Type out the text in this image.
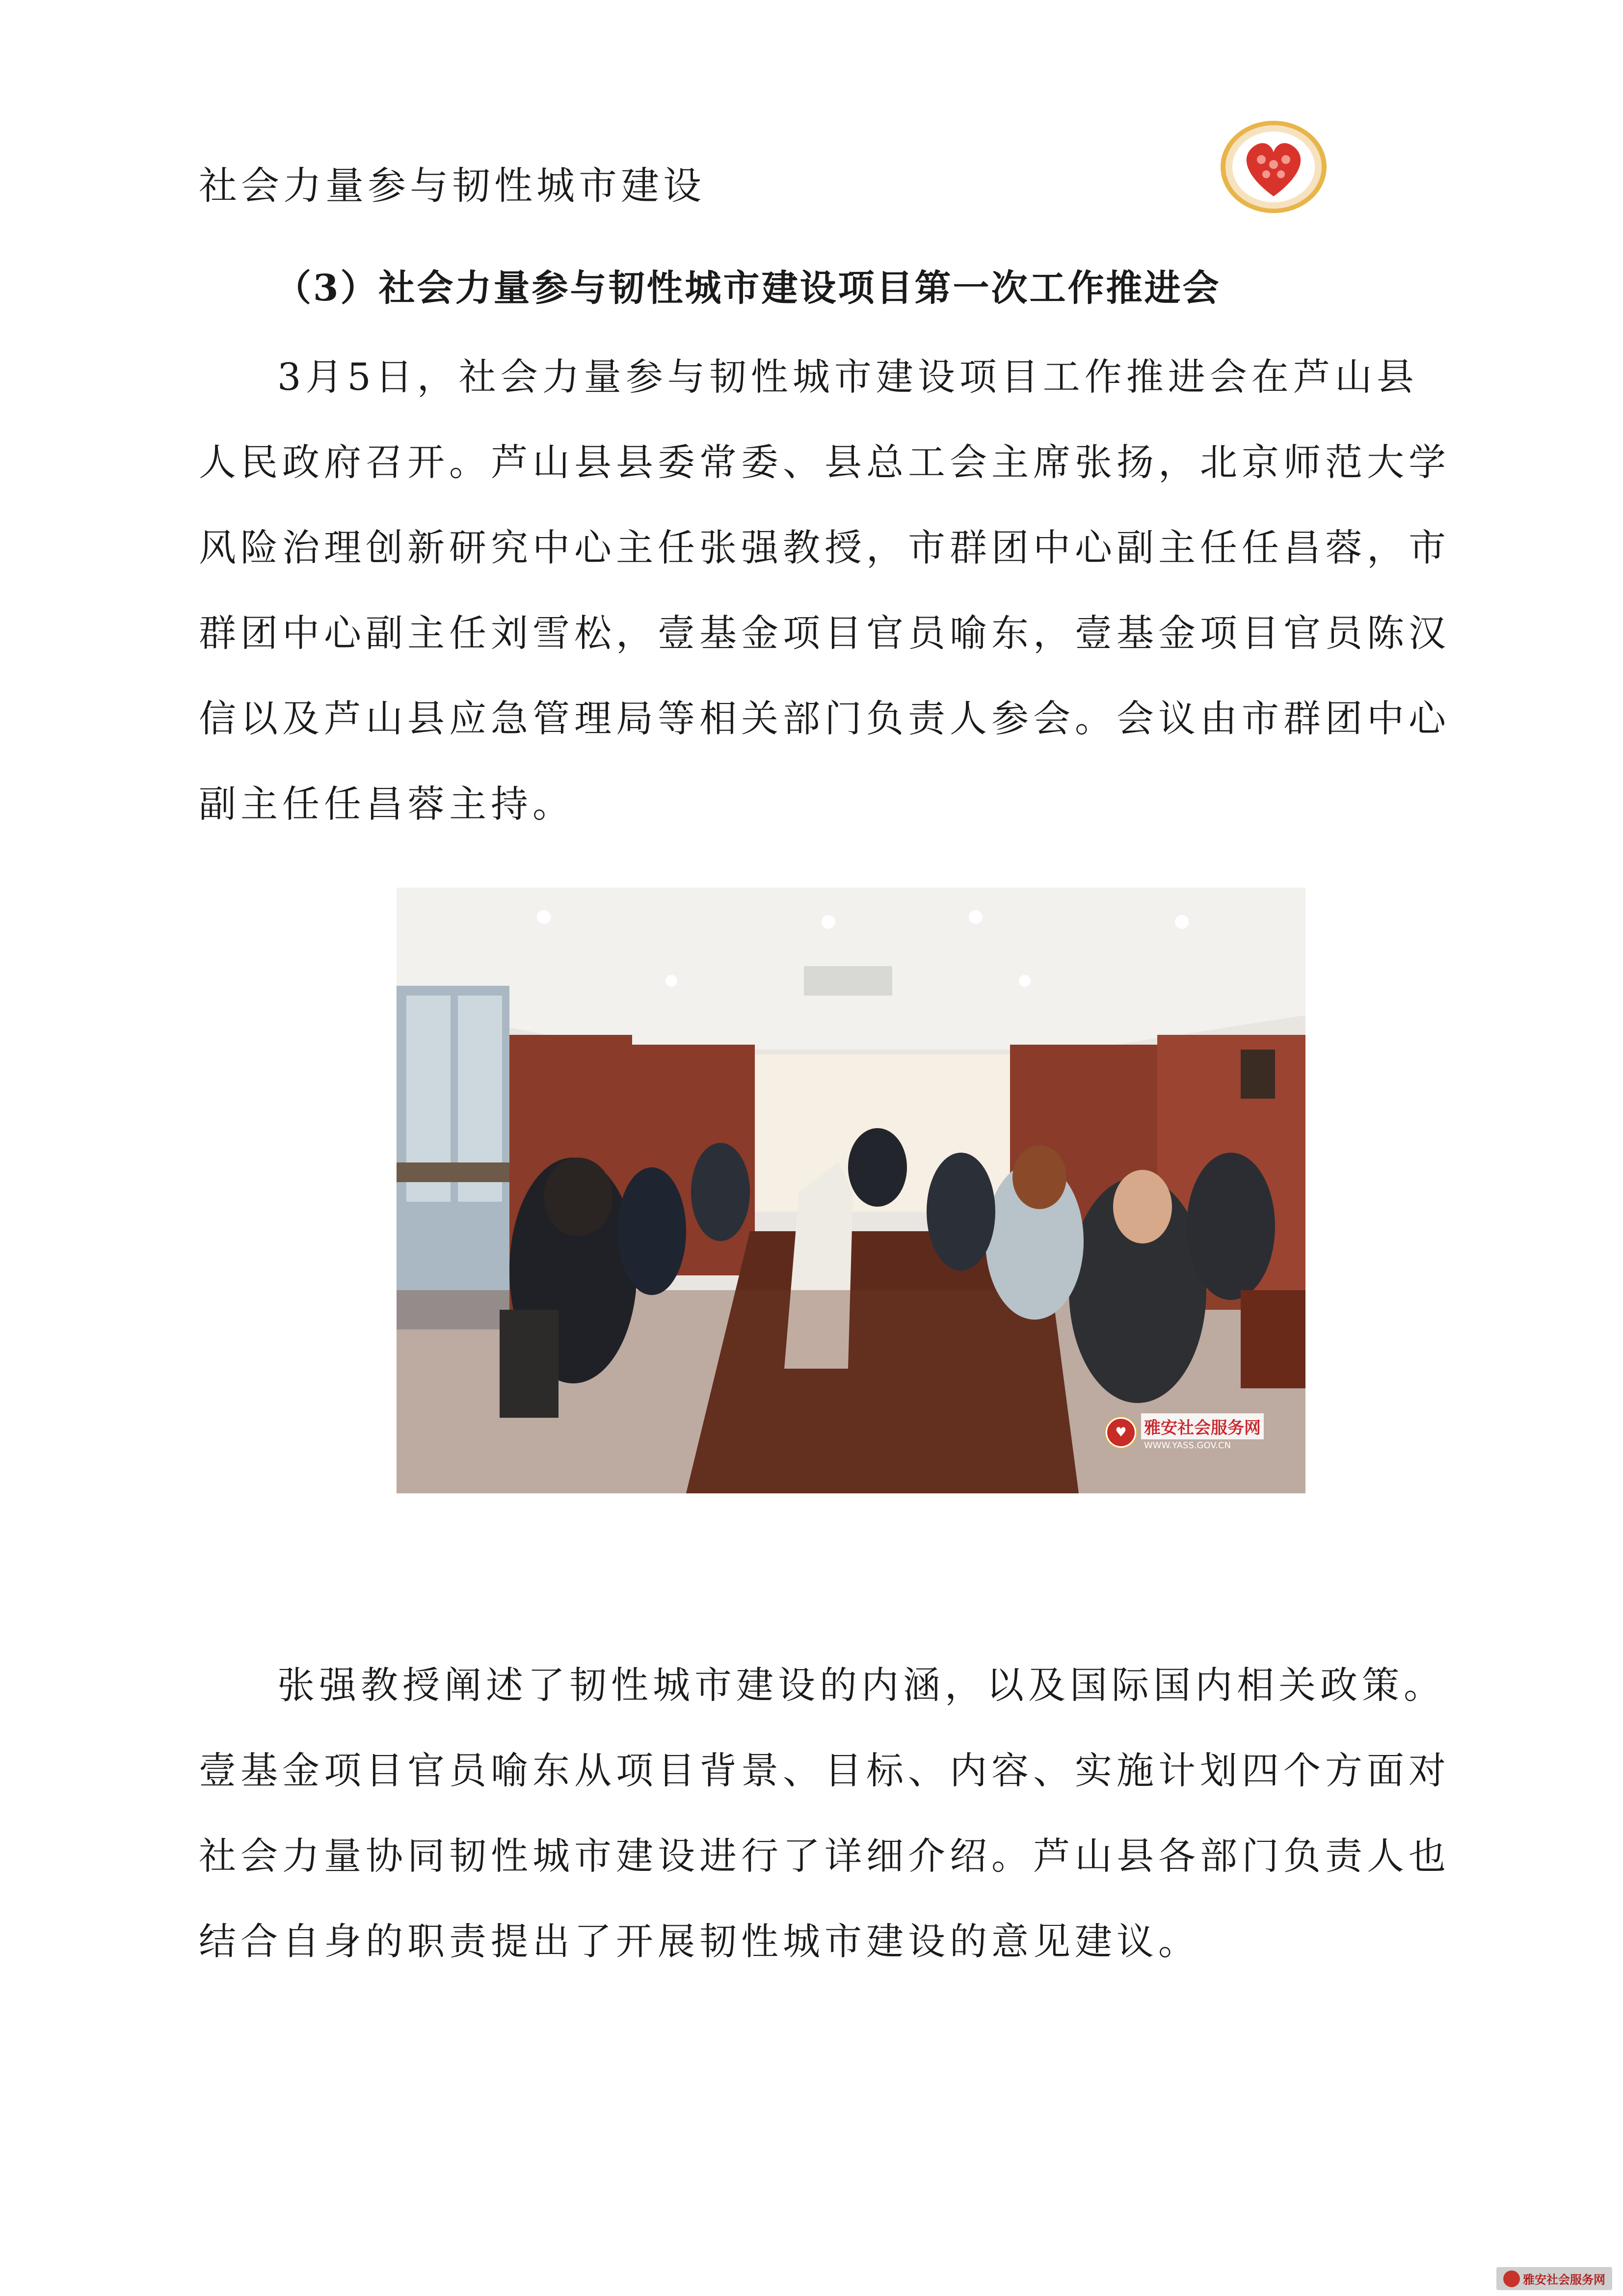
社会力量参与韧性城市建设
（3）社会力量参与韧性城市建设项目第一次工作推进会
3月5日，社会力量参与韧性城市建设项目工作推进会在芦山县
人民政府召开。芦山县县委常委、县总工会主席张扬，北京师范大学
风险治理创新研究中心主任张强教授，市群团中心副主任任昌蓉，市
群团中心副主任刘雪松，壹基金项目官员喻东，壹基金项目官员陈汉
信以及芦山县应急管理局等相关部门负责人参会。会议由市群团中心
副主任任昌蓉主持。
♥	雅安社会服务网
WWW.YASS.GOV.CN
张强教授阐述了韧性城市建设的内涵，以及国际国内相关政策。
壹基金项目官员喻东从项目背景、目标、内容、实施计划四个方面对
社会力量协同韧性城市建设进行了详细介绍。芦山县各部门负责人也
结合自身的职责提出了开展韧性城市建设的意见建议。
雅安社会服务网
